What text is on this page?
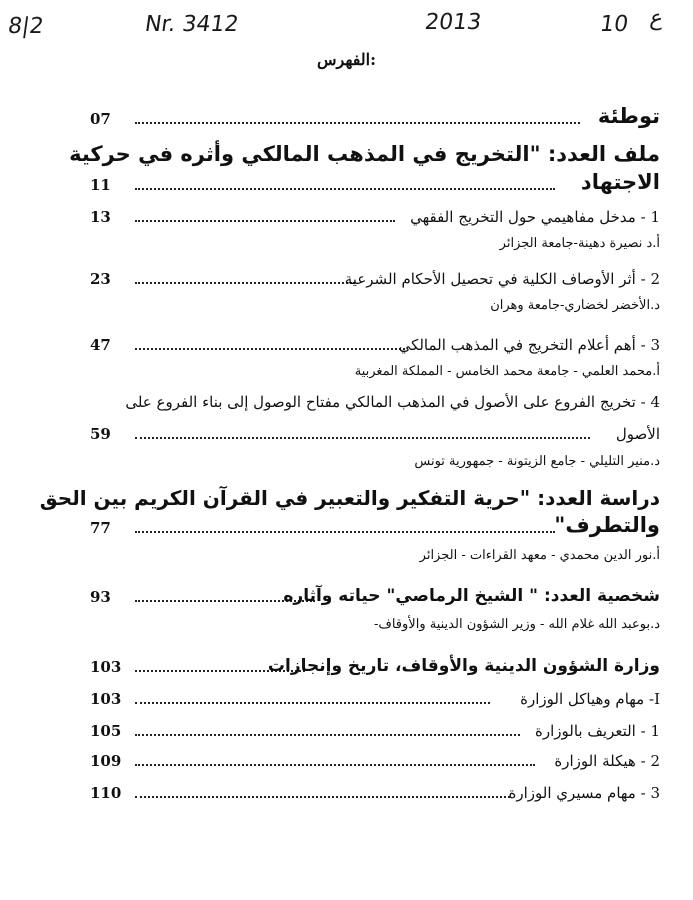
8|2	Nr. 3412	2013	10 ع
الفهرس:
07	توطئة
ملف العدد: "التخريج في المذهب المالكي وأثره في حركية
11	الاجتهاد
13	1 - مدخل مفاهيمي حول التخريج الفقهي
أ.د نصيرة دهينة-جامعة الجزائر
23	2 - أثر الأوصاف الكلية في تحصيل الأحكام الشرعية
د.الأخضر لخضاري-جامعة وهران
47	3 - أهم أعلام التخريج في المذهب المالكي
أ.محمد العلمي - جامعة محمد الخامس - المملكة المغربية
4 - تخريج الفروع على الأصول في المذهب المالكي مفتاح الوصول إلى بناء الفروع على
59	الأصول
د.منير التليلي - جامع الزيتونة - جمهورية تونس
دراسة العدد: "حرية التفكير والتعبير في القرآن الكريم بين الحق
77	والتطرف"
أ.نور الدين محمدي - معهد القراءات - الجزائر
93	شخصية العدد: " الشيخ الرماصي" حياته وآثاره
د.بوعبد الله غلام الله - وزير الشؤون الدينية والأوقاف-
103	وزارة الشؤون الدينية والأوقاف، تاريخ وإنجازات
103	I- مهام وهياكل الوزارة
105	1 - التعريف بالوزارة
109	2 - هيكلة الوزارة
110	3 - مهام مسيري الوزارة
